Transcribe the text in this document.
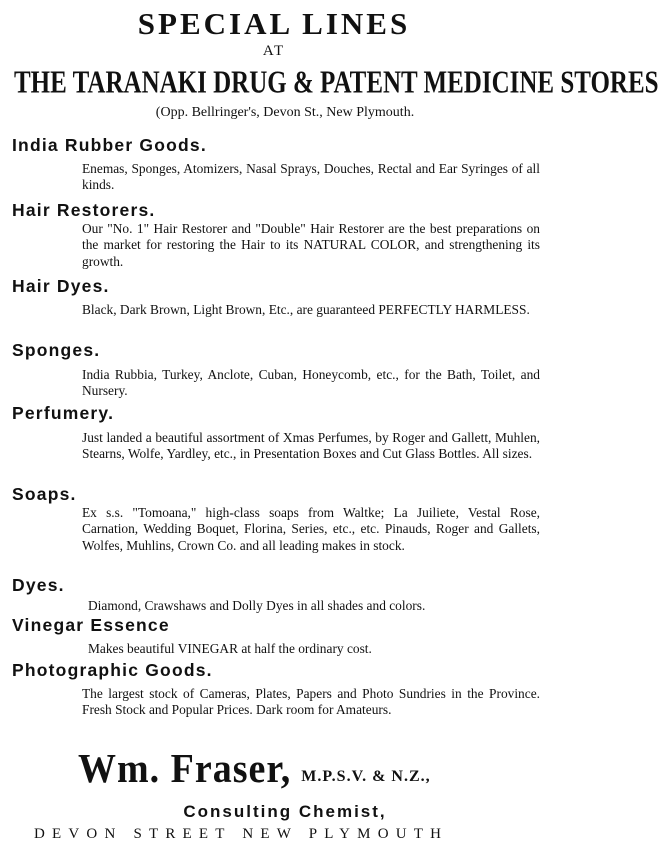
SPECIAL LINES
AT
THE TARANAKI DRUG & PATENT MEDICINE STORES
(Opp. Bellringer's, Devon St., New Plymouth.
India Rubber Goods.
Enemas, Sponges, Atomizers, Nasal Sprays, Douches, Rectal and Ear Syringes of all kinds.
Hair Restorers.
Our "No. 1" Hair Restorer and "Double" Hair Restorer are the best preparations on the market for restoring the Hair to its NATURAL COLOR, and strengthening its growth.
Hair Dyes.
Black, Dark Brown, Light Brown, Etc., are guaranteed PERFECTLY HARMLESS.
Sponges.
India Rubbia, Turkey, Anclote, Cuban, Honeycomb, etc., for the Bath, Toilet, and Nursery.
Perfumery.
Just landed a beautiful assortment of Xmas Perfumes, by Roger and Gallett, Muhlen, Stearns, Wolfe, Yardley, etc., in Presentation Boxes and Cut Glass Bottles. All sizes.
Soaps.
Ex s.s. "Tomoana," high-class soaps from Waltke; La Juiliete, Vestal Rose, Carnation, Wedding Boquet, Florina, Series, etc., etc. Pinauds, Roger and Gallets, Wolfes, Muhlins, Crown Co. and all leading makes in stock.
Dyes.
Diamond, Crawshaws and Dolly Dyes in all shades and colors.
Vinegar Essence
Makes beautiful VINEGAR at half the ordinary cost.
Photographic Goods.
The largest stock of Cameras, Plates, Papers and Photo Sundries in the Province. Fresh Stock and Popular Prices. Dark room for Amateurs.
Wm. Fraser, M.P.S.V. & N.Z.,
Consulting Chemist,
DEVON STREET NEW PLYMOUTH
